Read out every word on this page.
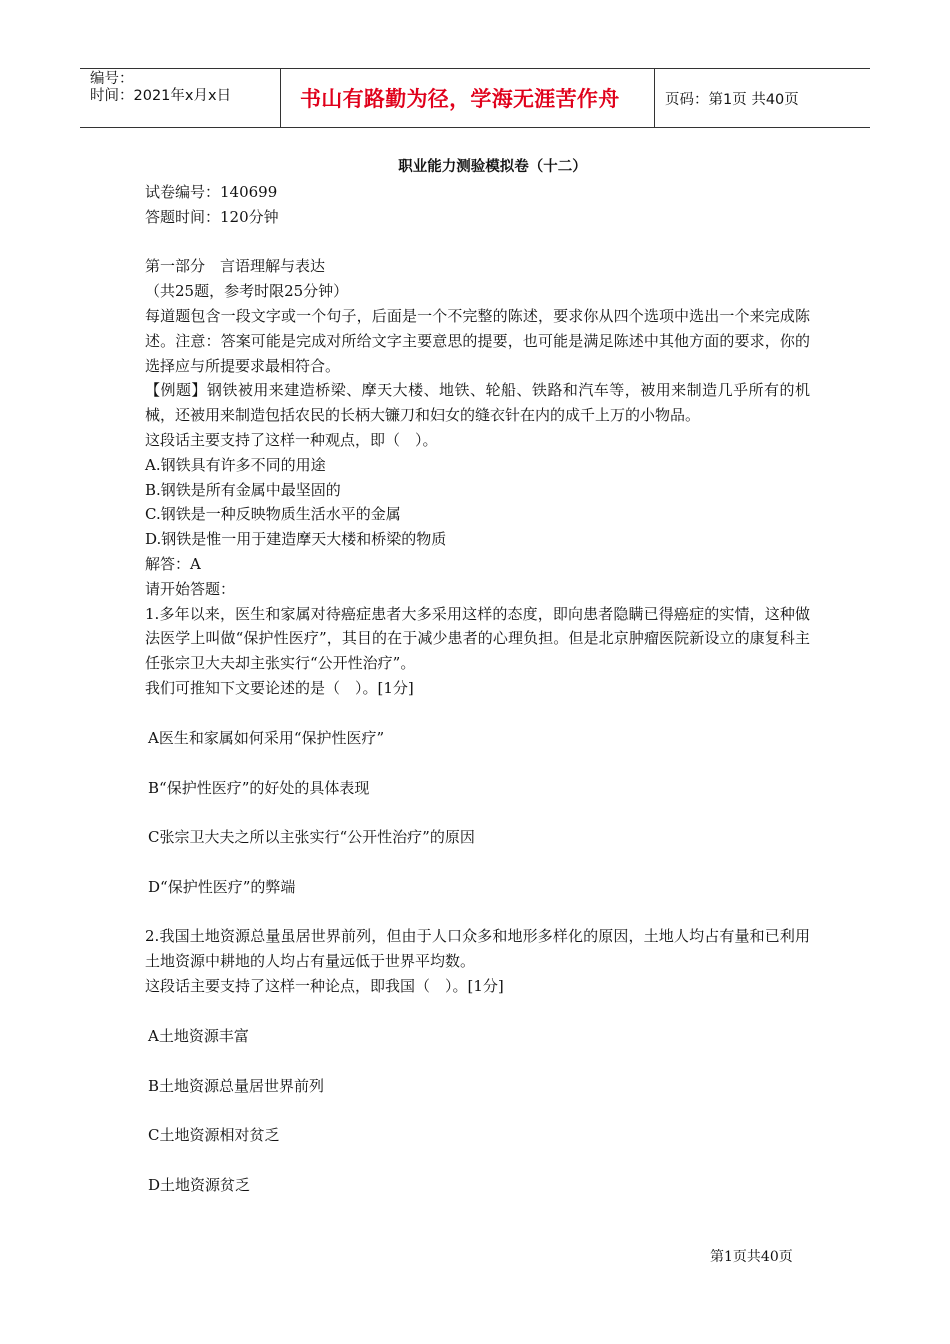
编号：
时间：2021年x月x日	书山有路勤为径，学海无涯苦作舟	页码：第1页 共40页
职业能力测验模拟卷（十二）

试卷编号：140699

答题时间：120分钟

第一部分　言语理解与表达

（共25题，参考时限25分钟）

每道题包含一段文字或一个句子，后面是一个不完整的陈述，要求你从四个选项中选出一个来完成陈述。注意：答案可能是完成对所给文字主要意思的提要，也可能是满足陈述中其他方面的要求，你的选择应与所提要求最相符合。

【例题】钢铁被用来建造桥梁、摩天大楼、地铁、轮船、铁路和汽车等，被用来制造几乎所有的机械，还被用来制造包括农民的长柄大镰刀和妇女的缝衣针在内的成千上万的小物品。

这段话主要支持了这样一种观点，即（　）。

A.钢铁具有许多不同的用途

B.钢铁是所有金属中最坚固的

C.钢铁是一种反映物质生活水平的金属

D.钢铁是惟一用于建造摩天大楼和桥梁的物质

解答：A

请开始答题：

1.多年以来，医生和家属对待癌症患者大多采用这样的态度，即向患者隐瞒已得癌症的实情，这种做法医学上叫做“保护性医疗”，其目的在于减少患者的心理负担。但是北京肿瘤医院新设立的康复科主任张宗卫大夫却主张实行“公开性治疗”。

我们可推知下文要论述的是（　）。[1分]

A医生和家属如何采用“保护性医疗”

B“保护性医疗”的好处的具体表现

C张宗卫大夫之所以主张实行“公开性治疗”的原因

D“保护性医疗”的弊端

2.我国土地资源总量虽居世界前列，但由于人口众多和地形多样化的原因，土地人均占有量和已利用土地资源中耕地的人均占有量远低于世界平均数。

这段话主要支持了这样一种论点，即我国（　）。[1分]

A土地资源丰富

B土地资源总量居世界前列

C土地资源相对贫乏

D土地资源贫乏

第1页共40页
